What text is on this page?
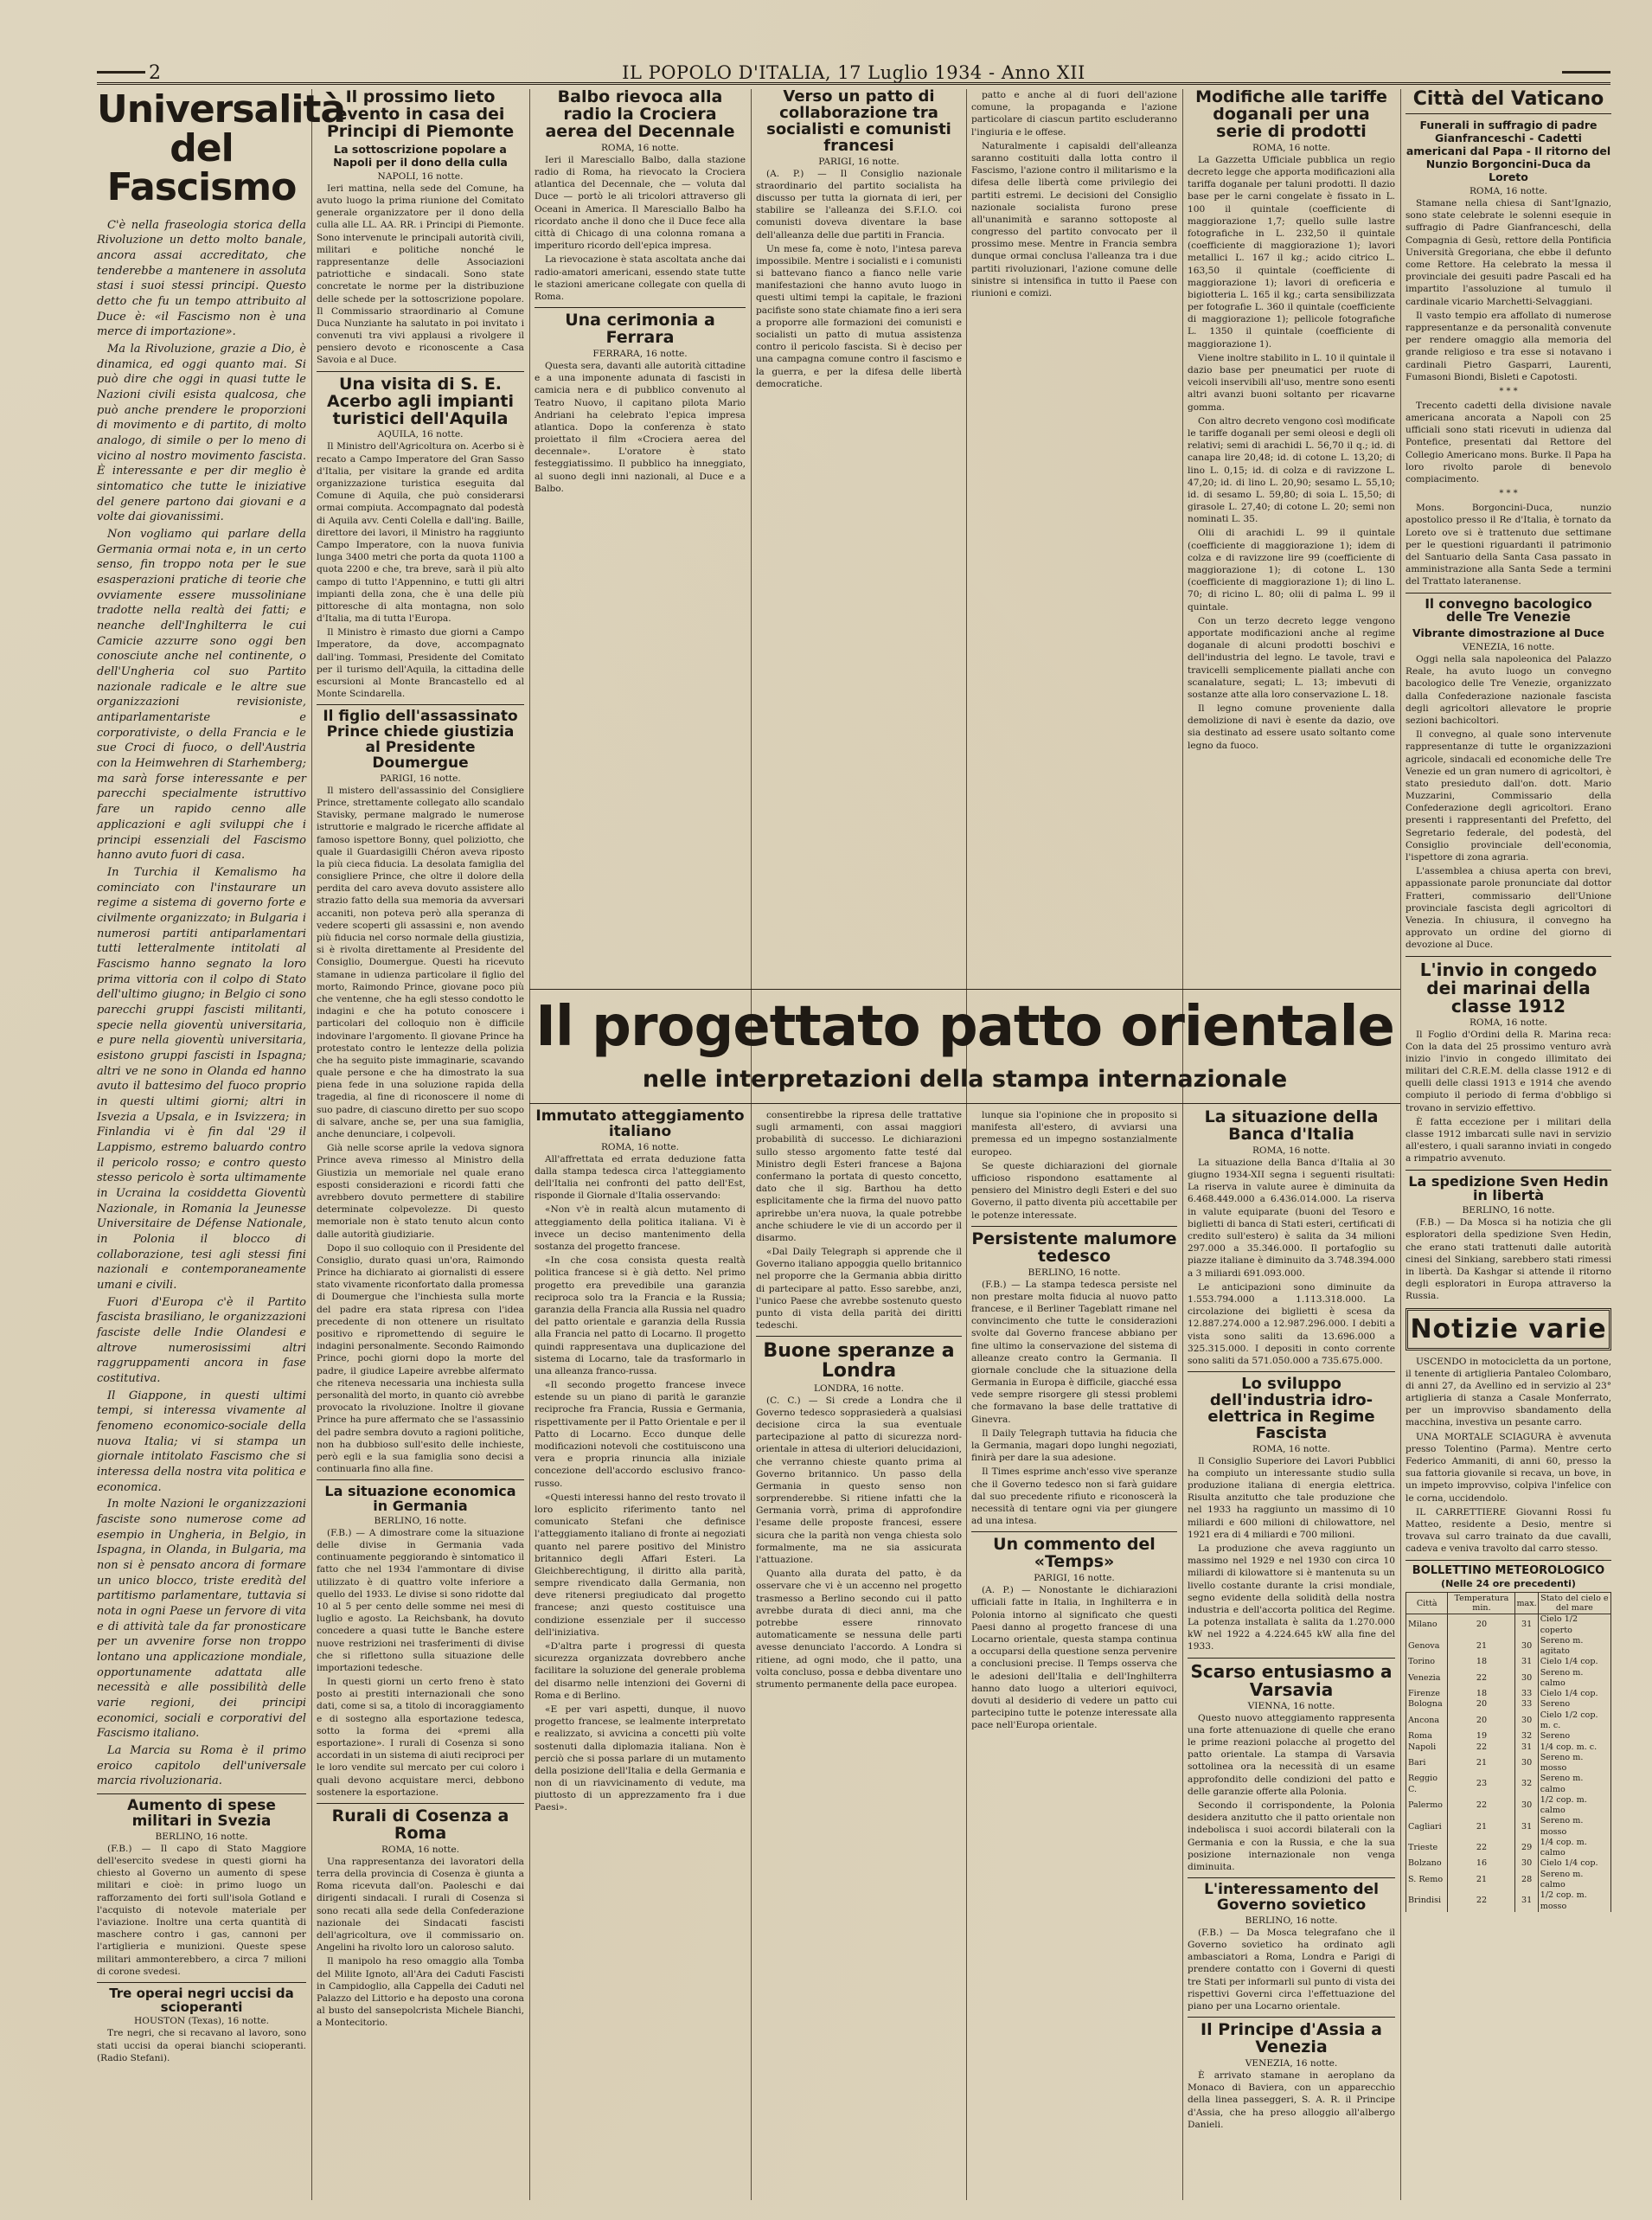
2	IL POPOLO D'ITALIA, 17 Luglio 1934 - Anno XII
Universalità del Fascismo

C'è nella fraseologia storica della Rivoluzione un detto molto banale, ancora assai accreditato, che tenderebbe a mantenere in assoluta stasi i suoi stessi principi. Questo detto che fu un tempo attribuito al Duce è: «il Fascismo non è una merce di importazione».

Ma la Rivoluzione, grazie a Dio, è dinamica, ed oggi quanto mai. Si può dire che oggi in quasi tutte le Nazioni civili esista qualcosa, che può anche prendere le proporzioni di movimento e di partito, di molto analogo, di simile o per lo meno di vicino al nostro movimento fascista. È interessante e per dir meglio è sintomatico che tutte le iniziative del genere partono dai giovani e a volte dai giovanissimi.

Non vogliamo qui parlare della Germania ormai nota e, in un certo senso, fin troppo nota per le sue esasperazioni pratiche di teorie che ovviamente essere mussoliniane tradotte nella realtà dei fatti; e neanche dell'Inghilterra le cui Camicie azzurre sono oggi ben conosciute anche nel continente, o dell'Ungheria col suo Partito nazionale radicale e le altre sue organizzazioni revisioniste, antiparlamentariste e corporativiste, o della Francia e le sue Croci di fuoco, o dell'Austria con la Heimwehren di Starhemberg; ma sarà forse interessante e per parecchi specialmente istruttivo fare un rapido cenno alle applicazioni e agli sviluppi che i principi essenziali del Fascismo hanno avuto fuori di casa.

In Turchia il Kemalismo ha cominciato con l'instaurare un regime a sistema di governo forte e civilmente organizzato; in Bulgaria i numerosi partiti antiparlamentari tutti letteralmente intitolati al Fascismo hanno segnato la loro prima vittoria con il colpo di Stato dell'ultimo giugno; in Belgio ci sono parecchi gruppi fascisti militanti, specie nella gioventù universitaria, e pure nella gioventù universitaria, esistono gruppi fascisti in Ispagna; altri ve ne sono in Olanda ed hanno avuto il battesimo del fuoco proprio in questi ultimi giorni; altri in Isvezia a Upsala, e in Isvizzera; in Finlandia vi è fin dal '29 il Lappismo, estremo baluardo contro il pericolo rosso; e contro questo stesso pericolo è sorta ultimamente in Ucraina la cosiddetta Gioventù Nazionale, in Romania la Jeunesse Universitaire de Défense Nationale, in Polonia il blocco di collaborazione, tesi agli stessi fini nazionali e contemporaneamente umani e civili.

Fuori d'Europa c'è il Partito fascista brasiliano, le organizzazioni fasciste delle Indie Olandesi e altrove numerosissimi altri raggruppamenti ancora in fase costitutiva.

Il Giappone, in questi ultimi tempi, si interessa vivamente al fenomeno economico-sociale della nuova Italia; vi si stampa un giornale intitolato Fascismo che si interessa della nostra vita politica e economica.

In molte Nazioni le organizzazioni fasciste sono numerose come ad esempio in Ungheria, in Belgio, in Ispagna, in Olanda, in Bulgaria, ma non si è pensato ancora di formare un unico blocco, triste eredità del partitismo parlamentare, tuttavia si nota in ogni Paese un fervore di vita e di attività tale da far pronosticare per un avvenire forse non troppo lontano una applicazione mondiale, opportunamente adattata alle necessità e alle possibilità delle varie regioni, dei principi economici, sociali e corporativi del Fascismo italiano.

La Marcia su Roma è il primo eroico capitolo dell'universale marcia rivoluzionaria.

Aumento di spese militari in Svezia
BERLINO, 16 notte.

(F.B.) — Il capo di Stato Maggiore dell'esercito svedese in questi giorni ha chiesto al Governo un aumento di spese militari e cioè: in primo luogo un rafforzamento dei forti sull'isola Gotland e l'acquisto di notevole materiale per l'aviazione. Inoltre una certa quantità di maschere contro i gas, cannoni per l'artiglieria e munizioni. Queste spese militari ammonterebbero, a circa 7 milioni di corone svedesi.

Tre operai negri uccisi da scioperanti
HOUSTON (Texas), 16 notte.

Tre negri, che si recavano al lavoro, sono stati uccisi da operai bianchi scioperanti. (Radio Stefani).

Il prossimo lieto evento in casa dei Principi di Piemonte
La sottoscrizione popolare a Napoli per il dono della culla
NAPOLI, 16 notte.

Ieri mattina, nella sede del Comune, ha avuto luogo la prima riunione del Comitato generale organizzatore per il dono della culla alle LL. AA. RR. i Principi di Piemonte. Sono intervenute le principali autorità civili, militari e politiche nonché le rappresentanze delle Associazioni patriottiche e sindacali. Sono state concretate le norme per la distribuzione delle schede per la sottoscrizione popolare. Il Commissario straordinario al Comune Duca Nunziante ha salutato in poi invitato i convenuti tra vivi applausi a rivolgere il pensiero devoto e riconoscente a Casa Savoia e al Duce.

Una visita di S. E. Acerbo agli impianti turistici dell'Aquila
AQUILA, 16 notte.

Il Ministro dell'Agricoltura on. Acerbo si è recato a Campo Imperatore del Gran Sasso d'Italia, per visitare la grande ed ardita organizzazione turistica eseguita dal Comune di Aquila, che può considerarsi ormai compiuta. Accompagnato dal podestà di Aquila avv. Centi Colella e dall'ing. Baille, direttore dei lavori, il Ministro ha raggiunto Campo Imperatore, con la nuova funivia lunga 3400 metri che porta da quota 1100 a quota 2200 e che, tra breve, sarà il più alto campo di tutto l'Appennino, e tutti gli altri impianti della zona, che è una delle più pittoresche di alta montagna, non solo d'Italia, ma di tutta l'Europa.

Il Ministro è rimasto due giorni a Campo Imperatore, da dove, accompagnato dall'ing. Tommasi, Presidente del Comitato per il turismo dell'Aquila, la cittadina delle escursioni al Monte Brancastello ed al Monte Scindarella.

Il figlio dell'assassinato Prince chiede giustizia al Presidente Doumergue
PARIGI, 16 notte.

Il mistero dell'assassinio del Consigliere Prince, strettamente collegato allo scandalo Stavisky, permane malgrado le numerose istruttorie e malgrado le ricerche affidate al famoso ispettore Bonny, quel poliziotto, che quale il Guardasigilli Chéron aveva riposto la più cieca fiducia. La desolata famiglia del consigliere Prince, che oltre il dolore della perdita del caro aveva dovuto assistere allo strazio fatto della sua memoria da avversari accaniti, non poteva però alla speranza di vedere scoperti gli assassini e, non avendo più fiducia nel corso normale della giustizia, si è rivolta direttamente al Presidente del Consiglio, Doumergue. Questi ha ricevuto stamane in udienza particolare il figlio del morto, Raimondo Prince, giovane poco più che ventenne, che ha egli stesso condotto le indagini e che ha potuto conoscere i particolari del colloquio non è difficile indovinare l'argomento. Il giovane Prince ha protestato contro le lentezze della polizia che ha seguito piste immaginarie, scavando quale persone e che ha dimostrato la sua piena fede in una soluzione rapida della tragedia, al fine di riconoscere il nome di suo padre, di ciascuno diretto per suo scopo di salvare, anche se, per una sua famiglia, anche denunciare, i colpevoli.

Già nelle scorse aprile la vedova signora Prince aveva rimesso al Ministro della Giustizia un memoriale nel quale erano esposti considerazioni e ricordi fatti che avrebbero dovuto permettere di stabilire determinate colpevolezze. Di questo memoriale non è stato tenuto alcun conto dalle autorità giudiziarie.

Dopo il suo colloquio con il Presidente del Consiglio, durato quasi un'ora, Raimondo Prince ha dichiarato ai giornalisti di essere stato vivamente riconfortato dalla promessa di Doumergue che l'inchiesta sulla morte del padre era stata ripresa con l'idea precedente di non ottenere un risultato positivo e ripromettendo di seguire le indagini personalmente. Secondo Raimondo Prince, pochi giorni dopo la morte del padre, il giudice Lapeire avrebbe alfermato che riteneva necessaria una inchiesta sulla personalità del morto, in quanto ciò avrebbe provocato la rivoluzione. Inoltre il giovane Prince ha pure affermato che se l'assassinio del padre sembra dovuto a ragioni politiche, non ha dubbioso sull'esito delle inchieste, però egli e la sua famiglia sono decisi a continuarla fino alla fine.

La situazione economica in Germania
BERLINO, 16 notte.

(F.B.) — A dimostrare come la situazione delle divise in Germania vada continuamente peggiorando è sintomatico il fatto che nel 1934 l'ammontare di divise utilizzato è di quattro volte inferiore a quello del 1933. Le divise si sono ridotte dal 10 al 5 per cento delle somme nei mesi di luglio e agosto. La Reichsbank, ha dovuto concedere a quasi tutte le Banche estere nuove restrizioni nei trasferimenti di divise che si riflettono sulla situazione delle importazioni tedesche.

In questi giorni un certo freno è stato posto ai prestiti internazionali che sono dati, come si sa, a titolo di incoraggiamento e di sostegno alla esportazione tedesca, sotto la forma dei «premi alla esportazione». I rurali di Cosenza si sono accordati in un sistema di aiuti reciproci per le loro vendite sul mercato per cui coloro i quali devono acquistare merci, debbono sostenere la esportazione.

Rurali di Cosenza a Roma
ROMA, 16 notte.

Una rappresentanza dei lavoratori della terra della provincia di Cosenza è giunta a Roma ricevuta dall'on. Paoleschi e dai dirigenti sindacali. I rurali di Cosenza si sono recati alla sede della Confederazione nazionale dei Sindacati fascisti dell'agricoltura, ove il commissario on. Angelini ha rivolto loro un caloroso saluto.

Il manipolo ha reso omaggio alla Tomba del Milite Ignoto, all'Ara dei Caduti Fascisti in Campidoglio, alla Cappella dei Caduti nel Palazzo del Littorio e ha deposto una corona al busto del sansepolcrista Michele Bianchi, a Montecitorio.

Balbo rievoca alla radio la Crociera aerea del Decennale
ROMA, 16 notte.

Ieri il Maresciallo Balbo, dalla stazione radio di Roma, ha rievocato la Crociera atlantica del Decennale, che — voluta dal Duce — portò le ali tricolori attraverso gli Oceani in America. Il Maresciallo Balbo ha ricordato anche il dono che il Duce fece alla città di Chicago di una colonna romana a imperituro ricordo dell'epica impresa.

La rievocazione è stata ascoltata anche dai radio-amatori americani, essendo state tutte le stazioni americane collegate con quella di Roma.

Una cerimonia a Ferrara
FERRARA, 16 notte.

Questa sera, davanti alle autorità cittadine e a una imponente adunata di fascisti in camicia nera e di pubblico convenuto al Teatro Nuovo, il capitano pilota Mario Andriani ha celebrato l'epica impresa atlantica. Dopo la conferenza è stato proiettato il film «Crociera aerea del decennale». L'oratore è stato festeggiatissimo. Il pubblico ha inneggiato, al suono degli inni nazionali, al Duce e a Balbo.

Verso un patto di collaborazione tra socialisti e comunisti francesi
PARIGI, 16 notte.

(A. P.) — Il Consiglio nazionale straordinario del partito socialista ha discusso per tutta la giornata di ieri, per stabilire se l'alleanza dei S.F.I.O. coi comunisti doveva diventare la base dell'alleanza delle due partiti in Francia.

Un mese fa, come è noto, l'intesa pareva impossibile. Mentre i socialisti e i comunisti si battevano fianco a fianco nelle varie manifestazioni che hanno avuto luogo in questi ultimi tempi la capitale, le frazioni pacifiste sono state chiamate fino a ieri sera a proporre alle formazioni dei comunisti e socialisti un patto di mutua assistenza contro il pericolo fascista. Si è deciso per una campagna comune contro il fascismo e la guerra, e per la difesa delle libertà democratiche.

patto e anche al di fuori dell'azione comune, la propaganda e l'azione particolare di ciascun partito escluderanno l'ingiuria e le offese.

Naturalmente i capisaldi dell'alleanza saranno costituiti dalla lotta contro il Fascismo, l'azione contro il militarismo e la difesa delle libertà come privilegio dei partiti estremi. Le decisioni del Consiglio nazionale socialista furono prese all'unanimità e saranno sottoposte al congresso del partito convocato per il prossimo mese. Mentre in Francia sembra dunque ormai conclusa l'alleanza tra i due partiti rivoluzionari, l'azione comune delle sinistre si intensifica in tutto il Paese con riunioni e comizi.

Il progettato patto orientale
nelle interpretazioni della stampa internazionale
Immutato atteggiamento italiano
ROMA, 16 notte.

All'affrettata ed errata deduzione fatta dalla stampa tedesca circa l'atteggiamento dell'Italia nei confronti del patto dell'Est, risponde il Giornale d'Italia osservando:

«Non v'è in realtà alcun mutamento di atteggiamento della politica italiana. Vi è invece un deciso mantenimento della sostanza del progetto francese.

«In che cosa consista questa realtà politica francese si è già detto. Nel primo progetto era prevedibile una garanzia reciproca solo tra la Francia e la Russia; garanzia della Francia alla Russia nel quadro del patto orientale e garanzia della Russia alla Francia nel patto di Locarno. Il progetto quindi rappresentava una duplicazione del sistema di Locarno, tale da trasformarlo in una alleanza franco-russa.

«Il secondo progetto francese invece estende su un piano di parità le garanzie reciproche fra Francia, Russia e Germania, rispettivamente per il Patto Orientale e per il Patto di Locarno. Ecco dunque delle modificazioni notevoli che costituiscono una vera e propria rinuncia alla iniziale concezione dell'accordo esclusivo franco-russo.

«Questi interessi hanno del resto trovato il loro esplicito riferimento tanto nel comunicato Stefani che definisce l'atteggiamento italiano di fronte ai negoziati quanto nel parere positivo del Ministro britannico degli Affari Esteri. La Gleichberechtigung, il diritto alla parità, sempre rivendicato dalla Germania, non deve ritenersi pregiudicato dal progetto francese; anzi questo costituisce una condizione essenziale per il successo dell'iniziativa.

«D'altra parte i progressi di questa sicurezza organizzata dovrebbero anche facilitare la soluzione del generale problema del disarmo nelle intenzioni dei Governi di Roma e di Berlino.

«E per vari aspetti, dunque, il nuovo progetto francese, se lealmente interpretato e realizzato, si avvicina a concetti più volte sostenuti dalla diplomazia italiana. Non è perciò che si possa parlare di un mutamento della posizione dell'Italia e della Germania e non di un riavvicinamento di vedute, ma piuttosto di un apprezzamento fra i due Paesi».

consentirebbe la ripresa delle trattative sugli armamenti, con assai maggiori probabilità di successo. Le dichiarazioni sullo stesso argomento fatte testé dal Ministro degli Esteri francese a Bajona confermano la portata di questo concetto, dato che il sig. Barthou ha detto esplicitamente che la firma del nuovo patto aprirebbe un'era nuova, la quale potrebbe anche schiudere le vie di un accordo per il disarmo.

«Dal Daily Telegraph si apprende che il Governo italiano appoggia quello britannico nel proporre che la Germania abbia diritto di partecipare al patto. Esso sarebbe, anzi, l'unico Paese che avrebbe sostenuto questo punto di vista della parità dei diritti tedeschi.

Buone speranze a Londra
LONDRA, 16 notte.

(C. C.) — Si crede a Londra che il Governo tedesco sopprasiederà a qualsiasi decisione circa la sua eventuale partecipazione al patto di sicurezza nord-orientale in attesa di ulteriori delucidazioni, che verranno chieste quanto prima al Governo britannico. Un passo della Germania in questo senso non sorprenderebbe. Si ritiene infatti che la Germania vorrà, prima di approfondire l'esame delle proposte francesi, essere sicura che la parità non venga chiesta solo formalmente, ma ne sia assicurata l'attuazione.

Quanto alla durata del patto, è da osservare che vi è un accenno nel progetto trasmesso a Berlino secondo cui il patto avrebbe durata di dieci anni, ma che potrebbe essere rinnovato automaticamente se nessuna delle parti avesse denunciato l'accordo. A Londra si ritiene, ad ogni modo, che il patto, una volta concluso, possa e debba diventare uno strumento permanente della pace europea.

lunque sia l'opinione che in proposito si manifesta all'estero, di avviarsi una premessa ed un impegno sostanzialmente europeo.

Se queste dichiarazioni del giornale ufficioso rispondono esattamente al pensiero del Ministro degli Esteri e del suo Governo, il patto diventa più accettabile per le potenze interessate.

Persistente malumore tedesco
BERLINO, 16 notte.

(F.B.) — La stampa tedesca persiste nel non prestare molta fiducia al nuovo patto francese, e il Berliner Tageblatt rimane nel convincimento che tutte le considerazioni svolte dal Governo francese abbiano per fine ultimo la conservazione del sistema di alleanze creato contro la Germania. Il giornale conclude che la situazione della Germania in Europa è difficile, giacché essa vede sempre risorgere gli stessi problemi che formavano la base delle trattative di Ginevra.

Il Daily Telegraph tuttavia ha fiducia che la Germania, magari dopo lunghi negoziati, finirà per dare la sua adesione.

Il Times esprime anch'esso vive speranze che il Governo tedesco non si farà guidare dal suo precedente rifiuto e riconoscerà la necessità di tentare ogni via per giungere ad una intesa.

Un commento del «Temps»
PARIGI, 16 notte.

(A. P.) — Nonostante le dichiarazioni ufficiali fatte in Italia, in Inghilterra e in Polonia intorno al significato che questi Paesi danno al progetto francese di una Locarno orientale, questa stampa continua a occuparsi della questione senza pervenire a conclusioni precise. Il Temps osserva che le adesioni dell'Italia e dell'Inghilterra hanno dato luogo a ulteriori equivoci, dovuti al desiderio di vedere un patto cui partecipino tutte le potenze interessate alla pace nell'Europa orientale.

Modifiche alle tariffe doganali per una serie di prodotti
ROMA, 16 notte.

La Gazzetta Ufficiale pubblica un regio decreto legge che apporta modificazioni alla tariffa doganale per taluni prodotti. Il dazio base per le carni congelate è fissato in L. 100 il quintale (coefficiente di maggiorazione 1,7; quello sulle lastre fotografiche in L. 232,50 il quintale (coefficiente di maggiorazione 1); lavori metallici L. 167 il kg.; acido citrico L. 163,50 il quintale (coefficiente di maggiorazione 1); lavori di oreficeria e bigiotteria L. 165 il kg.; carta sensibilizzata per fotografie L. 360 il quintale (coefficiente di maggiorazione 1); pellicole fotografiche L. 1350 il quintale (coefficiente di maggiorazione 1).

Viene inoltre stabilito in L. 10 il quintale il dazio base per pneumatici per ruote di veicoli inservibili all'uso, mentre sono esenti altri avanzi buoni soltanto per ricavarne gomma.

Con altro decreto vengono così modificate le tariffe doganali per semi oleosi e degli oli relativi; semi di arachidi L. 56,70 il q.; id. di canapa lire 20,48; id. di cotone L. 13,20; di lino L. 0,15; id. di colza e di ravizzone L. 47,20; id. di lino L. 20,90; sesamo L. 55,10; id. di sesamo L. 59,80; di soia L. 15,50; di girasole L. 27,40; di cotone L. 20; semi non nominati L. 35.

Olii di arachidi L. 99 il quintale (coefficiente di maggiorazione 1); idem di colza e di ravizzone lire 99 (coefficiente di maggiorazione 1); di cotone L. 130 (coefficiente di maggiorazione 1); di lino L. 70; di ricino L. 80; olii di palma L. 99 il quintale.

Con un terzo decreto legge vengono apportate modificazioni anche al regime doganale di alcuni prodotti boschivi e dell'industria del legno. Le tavole, travi e travicelli semplicemente piallati anche con scanalature, segati; L. 13; imbevuti di sostanze atte alla loro conservazione L. 18.

Il legno comune proveniente dalla demolizione di navi è esente da dazio, ove sia destinato ad essere usato soltanto come legno da fuoco.

La situazione della Banca d'Italia
ROMA, 16 notte.

La situazione della Banca d'Italia al 30 giugno 1934-XII segna i seguenti risultati: La riserva in valute auree è diminuita da 6.468.449.000 a 6.436.014.000. La riserva in valute equiparate (buoni del Tesoro e biglietti di banca di Stati esteri, certificati di credito sull'estero) è salita da 34 milioni 297.000 a 35.346.000. Il portafoglio su piazze italiane è diminuito da 3.748.394.000 a 3 miliardi 691.093.000.

Le anticipazioni sono diminuite da 1.553.794.000 a 1.113.318.000. La circolazione dei biglietti è scesa da 12.887.274.000 a 12.987.296.000. I debiti a vista sono saliti da 13.696.000 a 325.315.000. I depositi in conto corrente sono saliti da 571.050.000 a 735.675.000.

Lo sviluppo dell'industria idro-elettrica in Regime Fascista
ROMA, 16 notte.

Il Consiglio Superiore dei Lavori Pubblici ha compiuto un interessante studio sulla produzione italiana di energia elettrica. Risulta anzitutto che tale produzione che nel 1933 ha raggiunto un massimo di 10 miliardi e 600 milioni di chilowattore, nel 1921 era di 4 miliardi e 700 milioni.

La produzione che aveva raggiunto un massimo nel 1929 e nel 1930 con circa 10 miliardi di kilowattore si è mantenuta su un livello costante durante la crisi mondiale, segno evidente della solidità della nostra industria e dell'accorta politica del Regime. La potenza installata è salita da 1.270.000 kW nel 1922 a 4.224.645 kW alla fine del 1933.

Scarso entusiasmo a Varsavia
VIENNA, 16 notte.

Questo nuovo atteggiamento rappresenta una forte attenuazione di quelle che erano le prime reazioni polacche al progetto del patto orientale. La stampa di Varsavia sottolinea ora la necessità di un esame approfondito delle condizioni del patto e delle garanzie offerte alla Polonia.

Secondo il corrispondente, la Polonia desidera anzitutto che il patto orientale non indebolisca i suoi accordi bilaterali con la Germania e con la Russia, e che la sua posizione internazionale non venga diminuita.

L'interessamento del Governo sovietico
BERLINO, 16 notte.

(F.B.) — Da Mosca telegrafano che il Governo sovietico ha ordinato agli ambasciatori a Roma, Londra e Parigi di prendere contatto con i Governi di questi tre Stati per informarli sul punto di vista dei rispettivi Governi circa l'effettuazione del piano per una Locarno orientale.

Il Principe d'Assia a Venezia
VENEZIA, 16 notte.

È arrivato stamane in aeroplano da Monaco di Baviera, con un apparecchio della linea passeggeri, S. A. R. il Principe d'Assia, che ha preso alloggio all'albergo Danieli.

Città del Vaticano
Funerali in suffragio di padre Gianfranceschi - Cadetti americani dal Papa - Il ritorno del Nunzio Borgoncini-Duca da Loreto
ROMA, 16 notte.

Stamane nella chiesa di Sant'Ignazio, sono state celebrate le solenni esequie in suffragio di Padre Gianfranceschi, della Compagnia di Gesù, rettore della Pontificia Università Gregoriana, che ebbe il defunto come Rettore. Ha celebrato la messa il provinciale dei gesuiti padre Pascali ed ha impartito l'assoluzione al tumulo il cardinale vicario Marchetti-Selvaggiani.

Il vasto tempio era affollato di numerose rappresentanze e da personalità convenute per rendere omaggio alla memoria del grande religioso e tra esse si notavano i cardinali Pietro Gasparri, Laurenti, Fumasoni Biondi, Bisleti e Capotosti.

* * *

Trecento cadetti della divisione navale americana ancorata a Napoli con 25 ufficiali sono stati ricevuti in udienza dal Pontefice, presentati dal Rettore del Collegio Americano mons. Burke. Il Papa ha loro rivolto parole di benevolo compiacimento.

* * *

Mons. Borgoncini-Duca, nunzio apostolico presso il Re d'Italia, è tornato da Loreto ove si è trattenuto due settimane per le questioni riguardanti il patrimonio del Santuario della Santa Casa passato in amministrazione alla Santa Sede a termini del Trattato lateranense.

Il convegno bacologico delle Tre Venezie
Vibrante dimostrazione al Duce
VENEZIA, 16 notte.

Oggi nella sala napoleonica del Palazzo Reale, ha avuto luogo un convegno bacologico delle Tre Venezie, organizzato dalla Confederazione nazionale fascista degli agricoltori allevatore le proprie sezioni bachicoltori.

Il convegno, al quale sono intervenute rappresentanze di tutte le organizzazioni agricole, sindacali ed economiche delle Tre Venezie ed un gran numero di agricoltori, è stato presieduto dall'on. dott. Mario Muzzarini, Commissario della Confederazione degli agricoltori. Erano presenti i rappresentanti del Prefetto, del Segretario federale, del podestà, del Consiglio provinciale dell'economia, l'ispettore di zona agraria.

L'assemblea a chiusa aperta con brevi, appassionate parole pronunciate dal dottor Fratteri, commissario dell'Unione provinciale fascista degli agricoltori di Venezia. In chiusura, il convegno ha approvato un ordine del giorno di devozione al Duce.

L'invio in congedo dei marinai della classe 1912
ROMA, 16 notte.

Il Foglio d'Ordini della R. Marina reca: Con la data del 25 prossimo venturo avrà inizio l'invio in congedo illimitato dei militari del C.R.E.M. della classe 1912 e di quelli delle classi 1913 e 1914 che avendo compiuto il periodo di ferma d'obbligo si trovano in servizio effettivo.

È fatta eccezione per i militari della classe 1912 imbarcati sulle navi in servizio all'estero, i quali saranno inviati in congedo a rimpatrio avvenuto.

La spedizione Sven Hedin in libertà
BERLINO, 16 notte.

(F.B.) — Da Mosca si ha notizia che gli esploratori della spedizione Sven Hedin, che erano stati trattenuti dalle autorità cinesi del Sinkiang, sarebbero stati rimessi in libertà. Da Kashgar si attende il ritorno degli esploratori in Europa attraverso la Russia.

Notizie varie

USCENDO in motocicletta da un portone, il tenente di artiglieria Pantaleo Colombaro, di anni 27, da Avellino ed in servizio al 23° artiglieria di stanza a Casale Monferrato, per un improvviso sbandamento della macchina, investiva un pesante carro.

UNA MORTALE SCIAGURA è avvenuta presso Tolentino (Parma). Mentre certo Federico Ammaniti, di anni 60, presso la sua fattoria giovanile si recava, un bove, in un impeto improvviso, colpiva l'infelice con le corna, uccidendolo.

IL CARRETTIERE Giovanni Rossi fu Matteo, residente a Desio, mentre si trovava sul carro trainato da due cavalli, cadeva e veniva travolto dal carro stesso.

BOLLETTINO METEOROLOGICO
(Nelle 24 ore precedenti)
Città	Temperatura min.	max.	Stato del cielo e del mare
Milano	20	31	Cielo 1/2 coperto
Genova	21	30	Sereno m. agitato
Torino	18	31	Cielo 1/4 cop.
Venezia	22	30	Sereno m. calmo
Firenze	18	33	Cielo 1/4 cop.
Bologna	20	33	Sereno
Ancona	20	30	Cielo 1/2 cop. m. c.
Roma	19	32	Sereno
Napoli	22	31	1/4 cop. m. c.
Bari	21	30	Sereno m. mosso
Reggio C.	23	32	Sereno m. calmo
Palermo	22	30	1/2 cop. m. calmo
Cagliari	21	31	Sereno m. mosso
Trieste	22	29	1/4 cop. m. calmo
Bolzano	16	30	Cielo 1/4 cop.
S. Remo	21	28	Sereno m. calmo
Brindisi	22	31	1/2 cop. m. mosso
